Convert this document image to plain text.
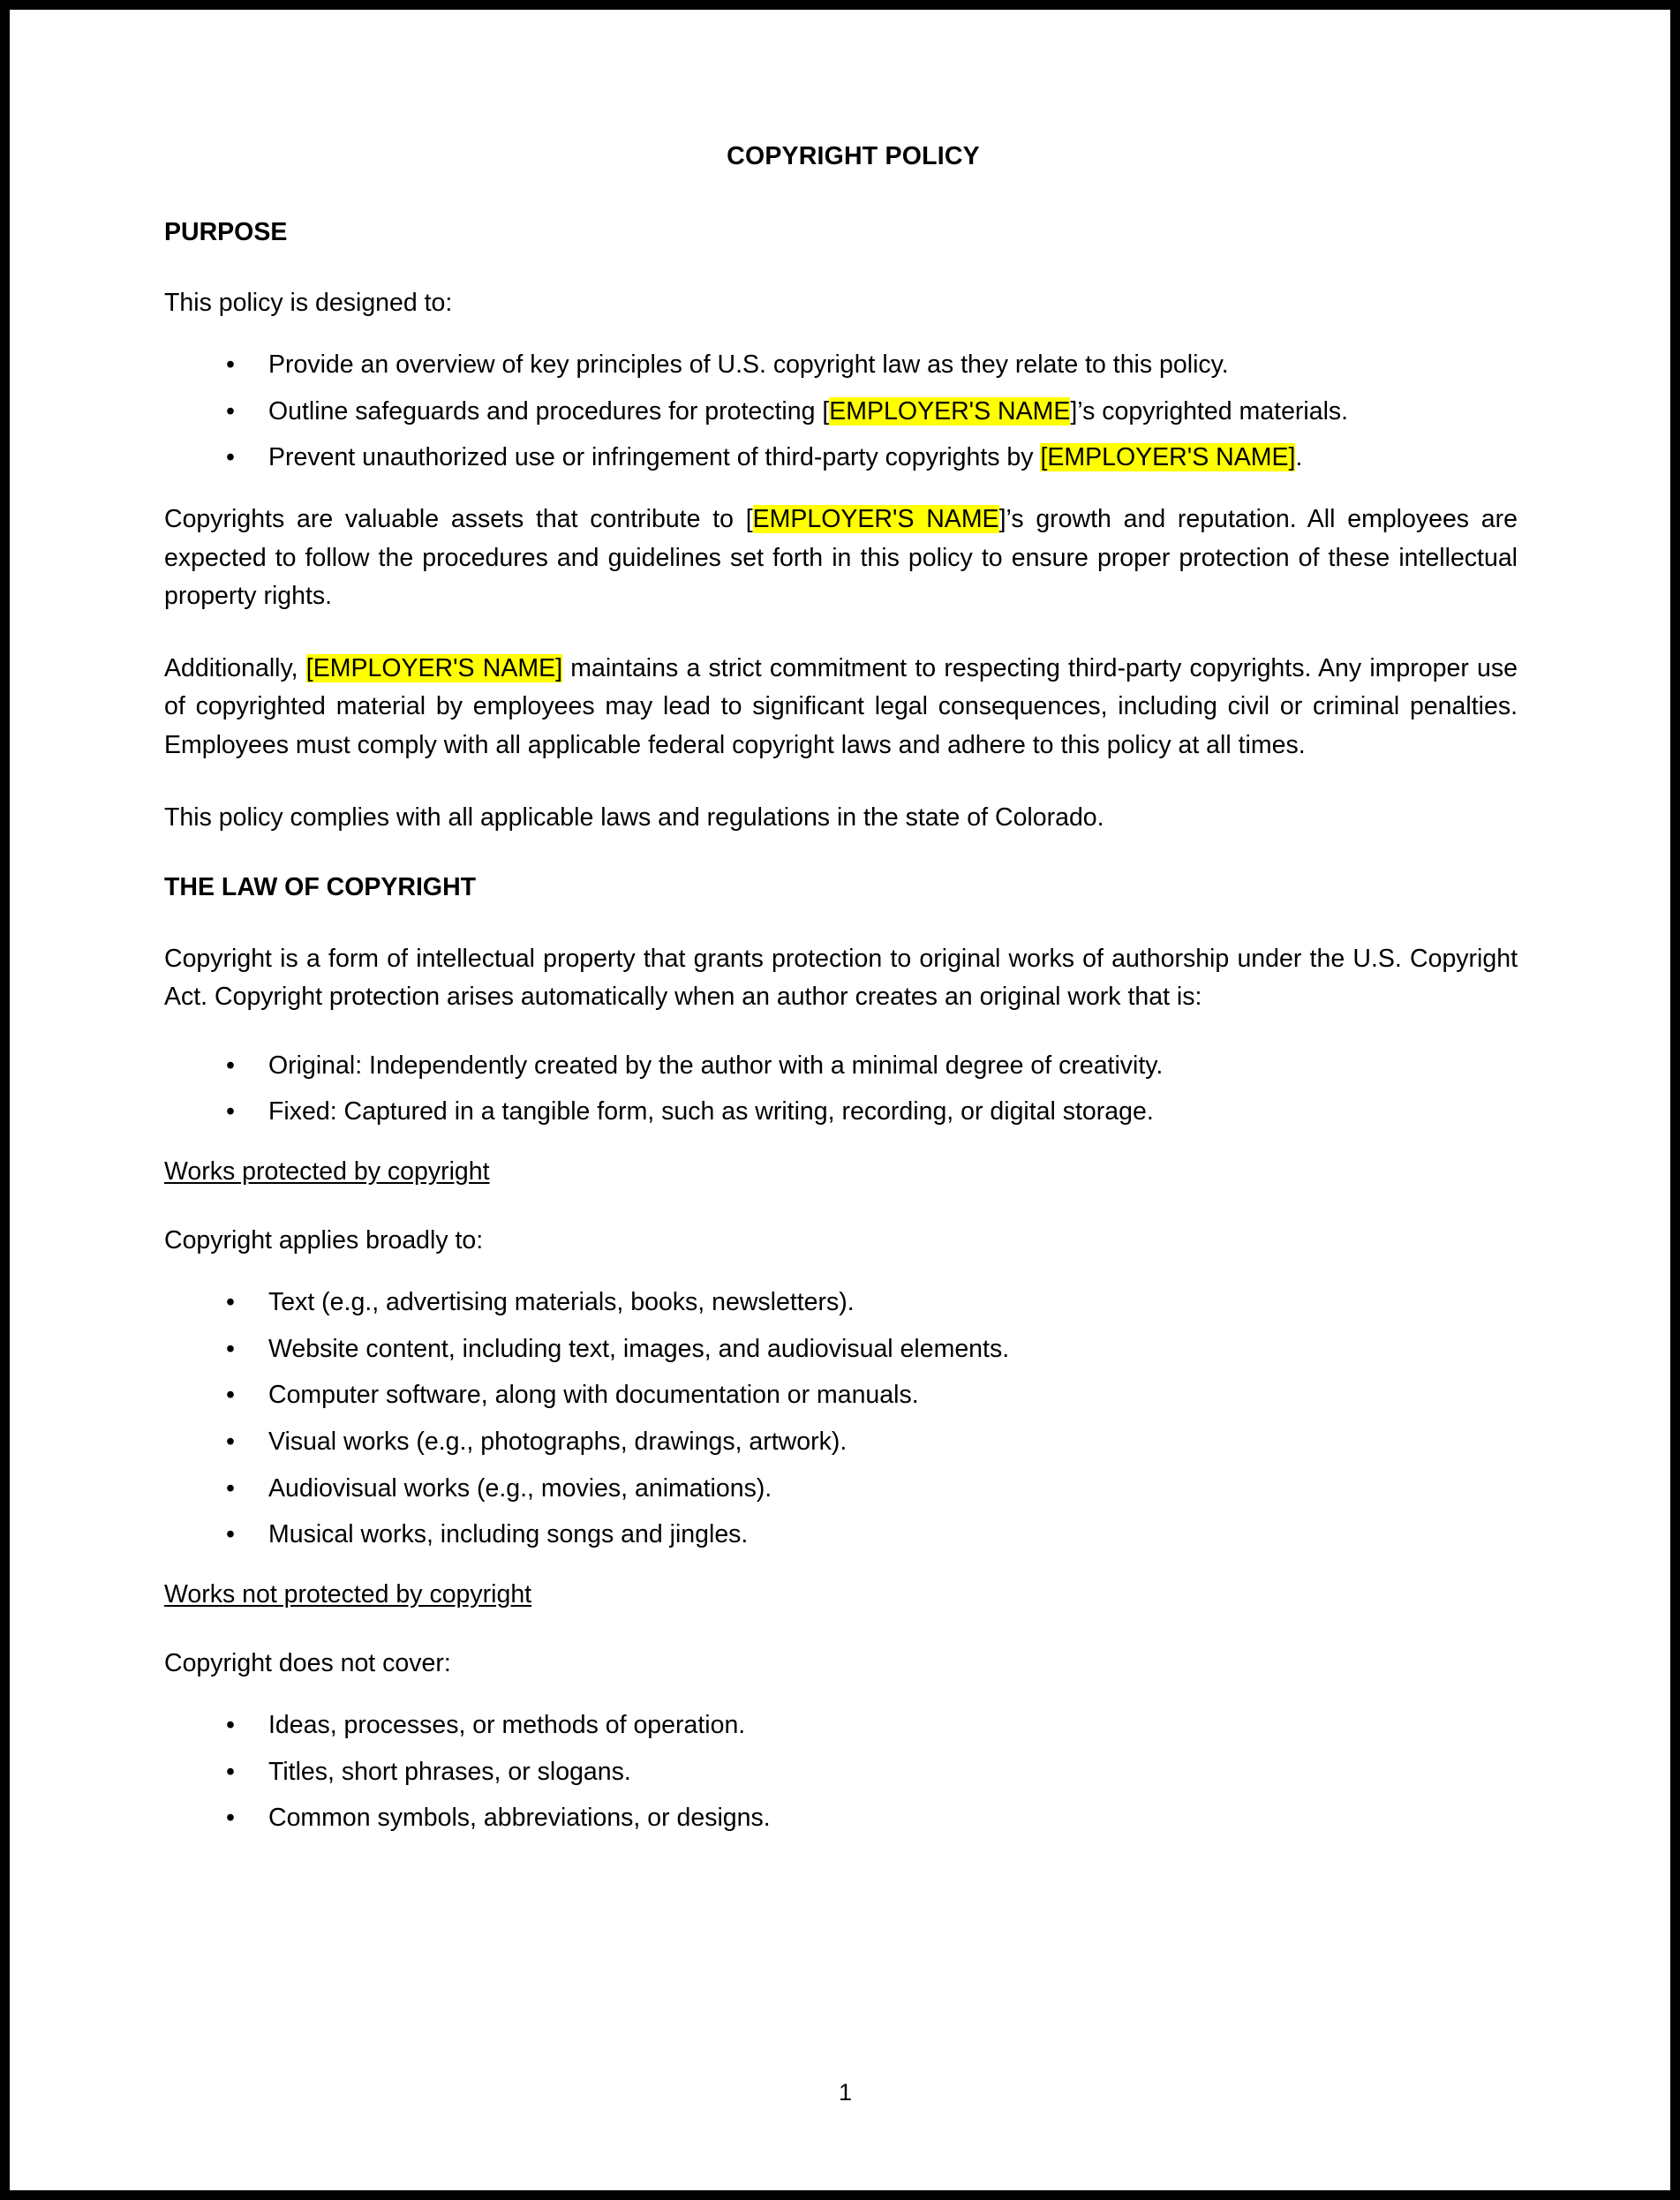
COPYRIGHT POLICY
PURPOSE

This policy is designed to:

• Provide an overview of key principles of U.S. copyright law as they relate to this policy.
• Outline safeguards and procedures for protecting [EMPLOYER'S NAME]’s copyrighted materials.
• Prevent unauthorized use or infringement of third-party copyrights by [EMPLOYER'S NAME].

Copyrights are valuable assets that contribute to [EMPLOYER'S NAME]’s growth and reputation. All employees are expected to follow the procedures and guidelines set forth in this policy to ensure proper protection of these intellectual property rights.

Additionally, [EMPLOYER'S NAME] maintains a strict commitment to respecting third-party copyrights. Any improper use of copyrighted material by employees may lead to significant legal consequences, including civil or criminal penalties. Employees must comply with all applicable federal copyright laws and adhere to this policy at all times.

This policy complies with all applicable laws and regulations in the state of Colorado.

THE LAW OF COPYRIGHT

Copyright is a form of intellectual property that grants protection to original works of authorship under the U.S. Copyright Act. Copyright protection arises automatically when an author creates an original work that is:

• Original: Independently created by the author with a minimal degree of creativity.
• Fixed: Captured in a tangible form, such as writing, recording, or digital storage.
Works protected by copyright

Copyright applies broadly to:

• Text (e.g., advertising materials, books, newsletters).
• Website content, including text, images, and audiovisual elements.
• Computer software, along with documentation or manuals.
• Visual works (e.g., photographs, drawings, artwork).
• Audiovisual works (e.g., movies, animations).
• Musical works, including songs and jingles.
Works not protected by copyright

Copyright does not cover:

• Ideas, processes, or methods of operation.
• Titles, short phrases, or slogans.
• Common symbols, abbreviations, or designs.
1
